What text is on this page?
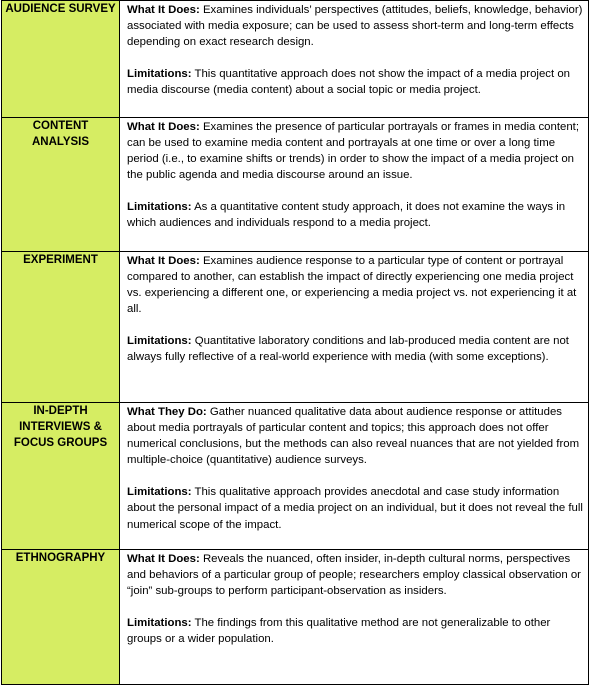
AUDIENCE SURVEY	What It Does: Examines individuals’ perspectives (attitudes, beliefs, knowledge, behavior) associated with media exposure; can be used to assess short-term and long-term effects depending on exact research design.

Limitations: This quantitative approach does not show the impact of a media project on media discourse (media content) about a social topic or media project.

CONTENT ANALYSIS	What It Does: Examines the presence of particular portrayals or frames in media content; can be used to examine media content and portrayals at one time or over a long time period (i.e., to examine shifts or trends) in order to show the impact of a media project on the public agenda and media discourse around an issue.

Limitations: As a quantitative content study approach, it does not examine the ways in which audiences and individuals respond to a media project.

EXPERIMENT	What It Does: Examines audience response to a particular type of content or portrayal compared to another, can establish the impact of directly experiencing one media project vs. experiencing a different one, or experiencing a media project vs. not experiencing it at all.

Limitations: Quantitative laboratory conditions and lab-produced media content are not always fully reflective of a real-world experience with media (with some exceptions).

IN-DEPTH INTERVIEWS & FOCUS GROUPS	What They Do: Gather nuanced qualitative data about audience response or attitudes about media portrayals of particular content and topics; this approach does not offer numerical conclusions, but the methods can also reveal nuances that are not yielded from multiple-choice (quantitative) audience surveys.

Limitations: This qualitative approach provides anecdotal and case study information about the personal impact of a media project on an individual, but it does not reveal the full numerical scope of the impact.

ETHNOGRAPHY	What It Does: Reveals the nuanced, often insider, in-depth cultural norms, perspectives and behaviors of a particular group of people; researchers employ classical observation or “join” sub-groups to perform participant-observation as insiders.

Limitations: The findings from this qualitative method are not generalizable to other groups or a wider population.
